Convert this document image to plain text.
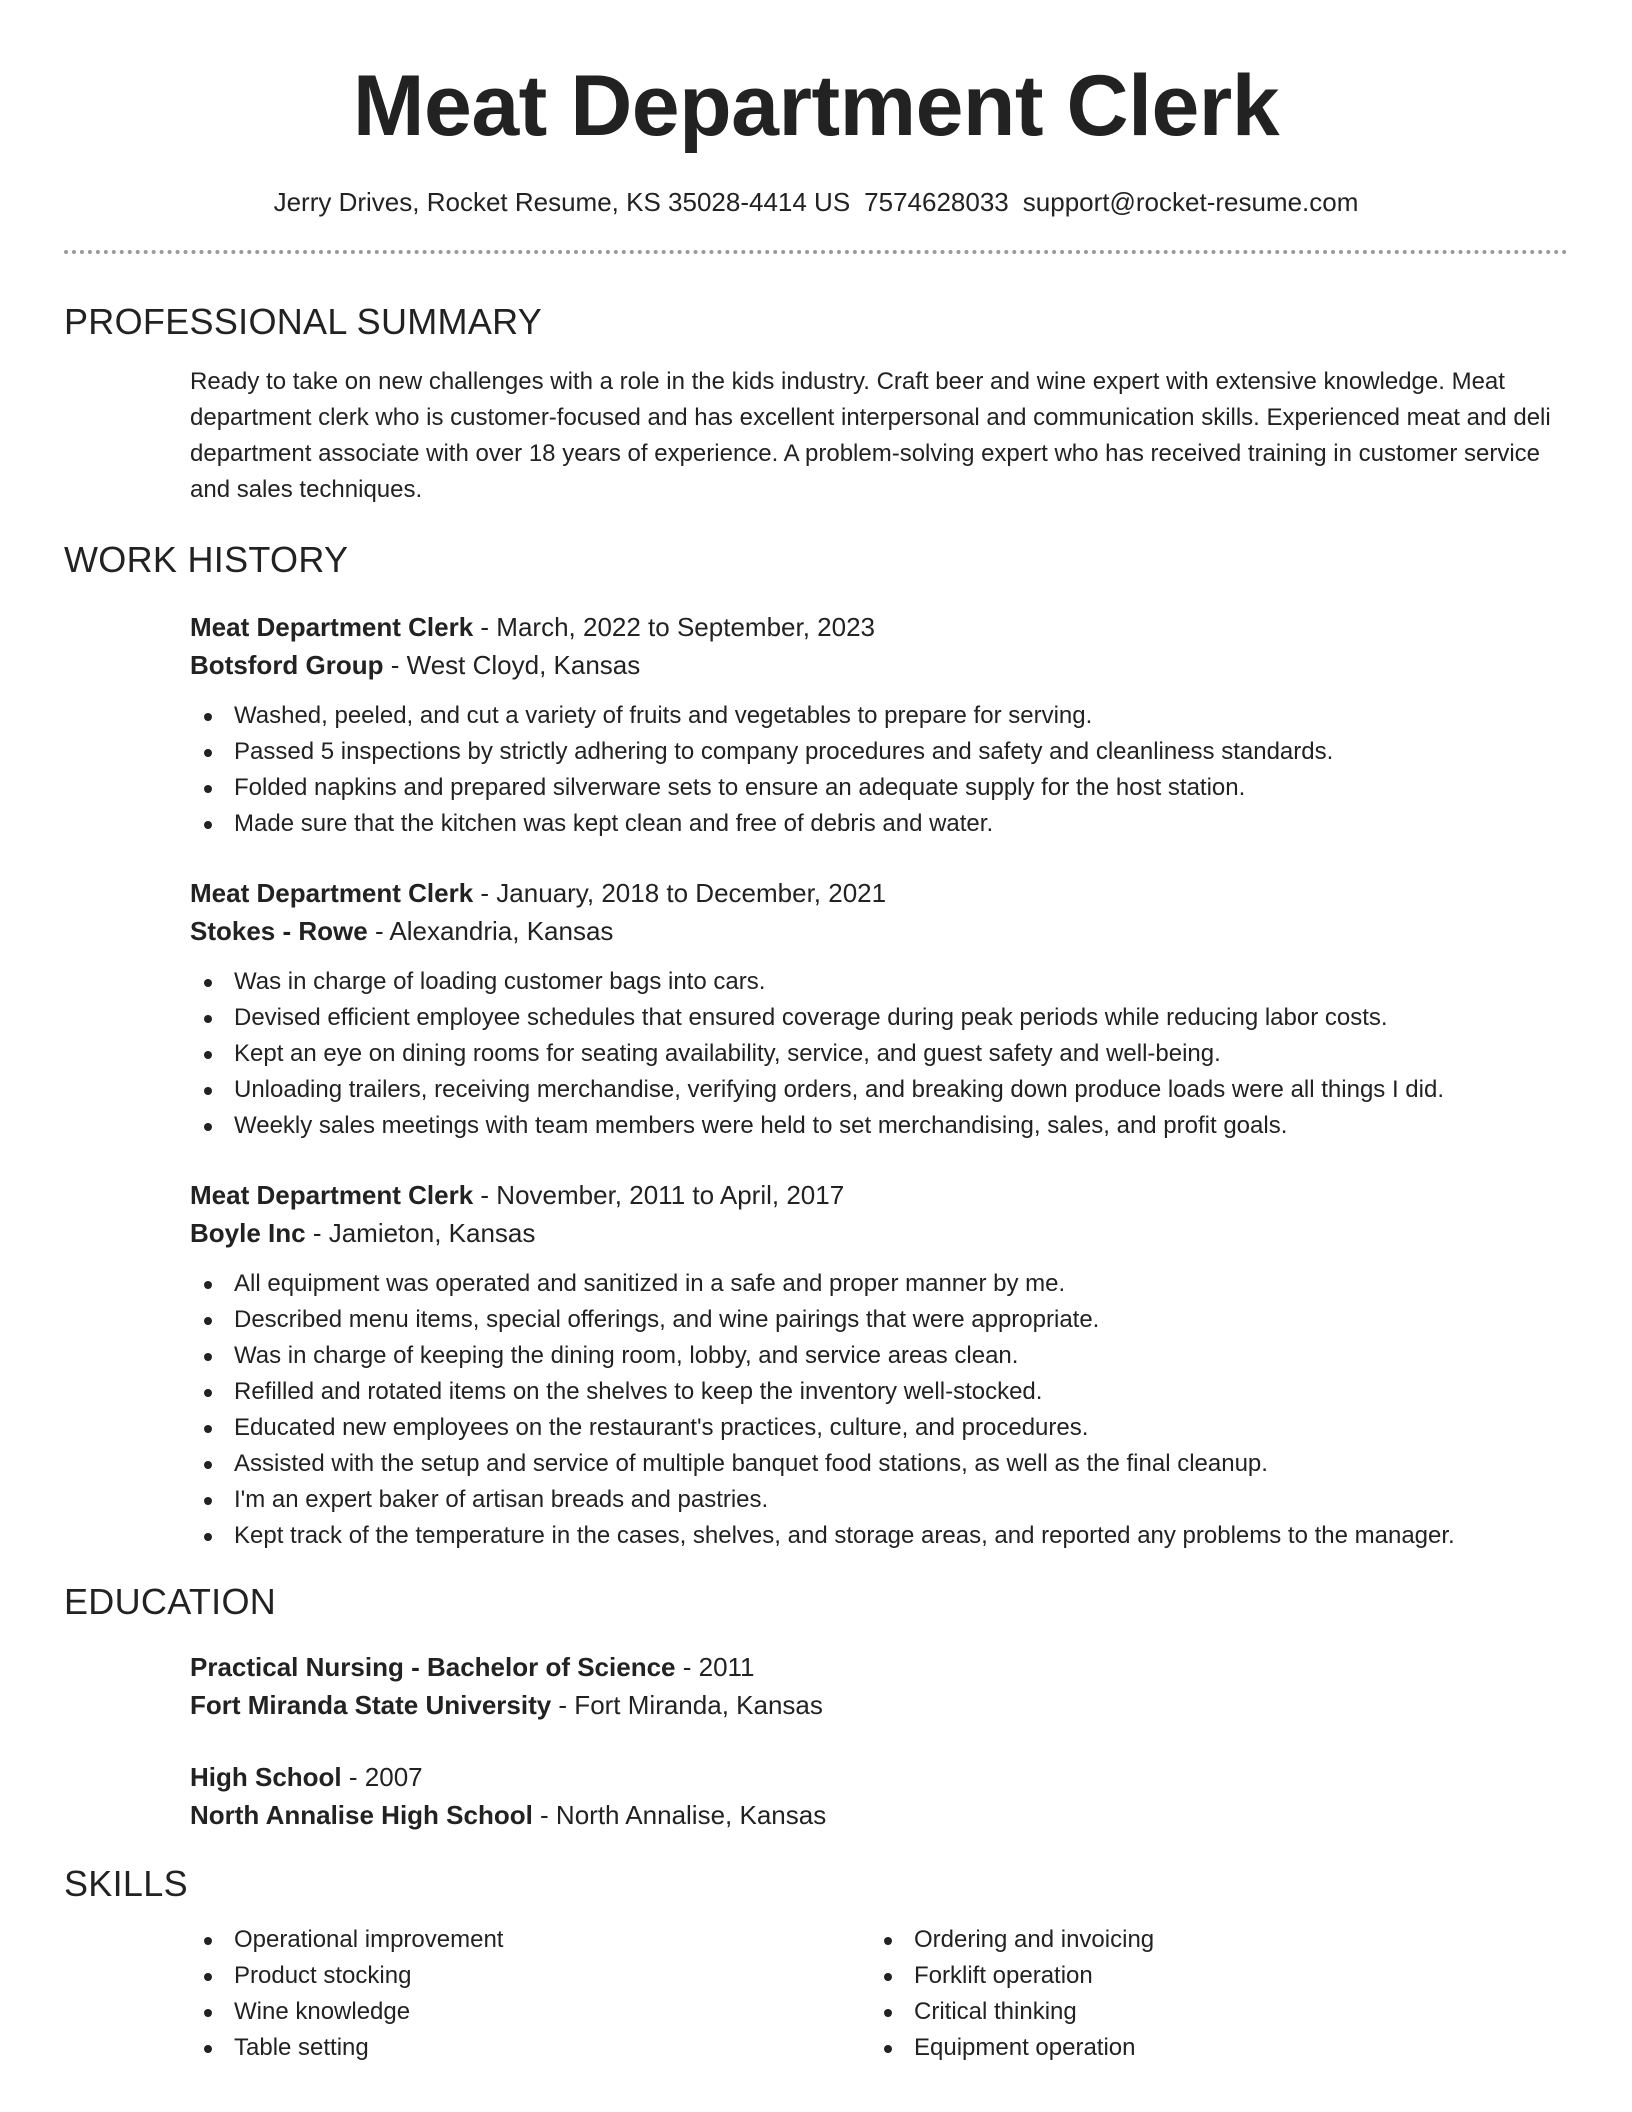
Meat Department Clerk
Jerry Drives, Rocket Resume, KS 35028-4414 US 7574628033 support@rocket-resume.com
PROFESSIONAL SUMMARY
Ready to take on new challenges with a role in the kids industry. Craft beer and wine expert with extensive knowledge. Meat department clerk who is customer-focused and has excellent interpersonal and communication skills. Experienced meat and deli department associate with over 18 years of experience. A problem-solving expert who has received training in customer service and sales techniques.
WORK HISTORY
Meat Department Clerk - March, 2022 to September, 2023
Botsford Group - West Cloyd, Kansas
Washed, peeled, and cut a variety of fruits and vegetables to prepare for serving.
Passed 5 inspections by strictly adhering to company procedures and safety and cleanliness standards.
Folded napkins and prepared silverware sets to ensure an adequate supply for the host station.
Made sure that the kitchen was kept clean and free of debris and water.
Meat Department Clerk - January, 2018 to December, 2021
Stokes - Rowe - Alexandria, Kansas
Was in charge of loading customer bags into cars.
Devised efficient employee schedules that ensured coverage during peak periods while reducing labor costs.
Kept an eye on dining rooms for seating availability, service, and guest safety and well-being.
Unloading trailers, receiving merchandise, verifying orders, and breaking down produce loads were all things I did.
Weekly sales meetings with team members were held to set merchandising, sales, and profit goals.
Meat Department Clerk - November, 2011 to April, 2017
Boyle Inc - Jamieton, Kansas
All equipment was operated and sanitized in a safe and proper manner by me.
Described menu items, special offerings, and wine pairings that were appropriate.
Was in charge of keeping the dining room, lobby, and service areas clean.
Refilled and rotated items on the shelves to keep the inventory well-stocked.
Educated new employees on the restaurant's practices, culture, and procedures.
Assisted with the setup and service of multiple banquet food stations, as well as the final cleanup.
I'm an expert baker of artisan breads and pastries.
Kept track of the temperature in the cases, shelves, and storage areas, and reported any problems to the manager.
EDUCATION
Practical Nursing - Bachelor of Science - 2011
Fort Miranda State University - Fort Miranda, Kansas
High School - 2007
North Annalise High School - North Annalise, Kansas
SKILLS
Operational improvement
Product stocking
Wine knowledge
Table setting
Ordering and invoicing
Forklift operation
Critical thinking
Equipment operation
